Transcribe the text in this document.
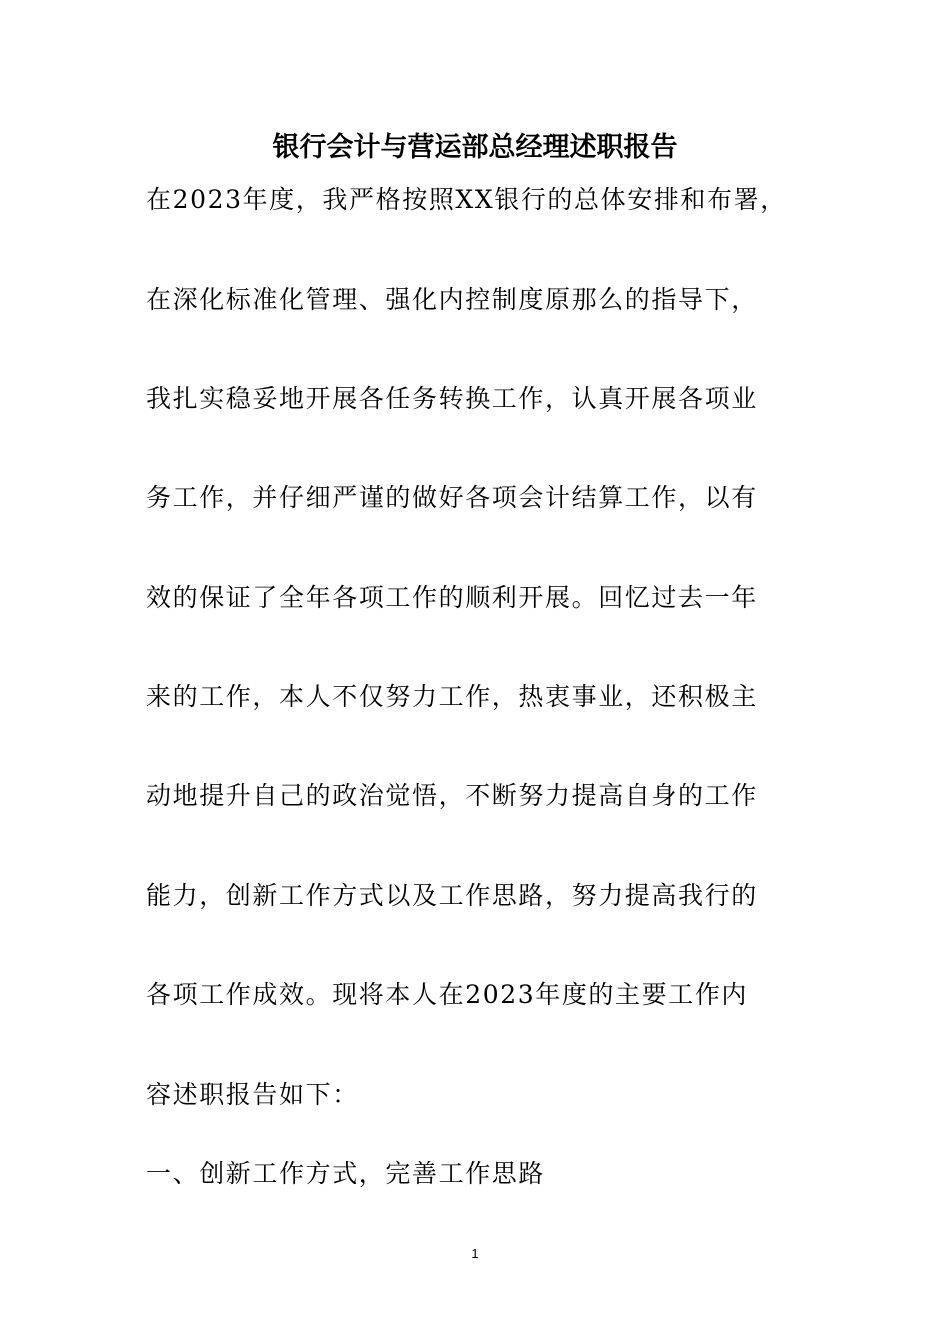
银行会计与营运部总经理述职报告
在2023年度，我严格按照XX银行的总体安排和布署，
在深化标准化管理、强化内控制度原那么的指导下，
我扎实稳妥地开展各任务转换工作，认真开展各项业
务工作，并仔细严谨的做好各项会计结算工作，以有
效的保证了全年各项工作的顺利开展。回忆过去一年
来的工作，本人不仅努力工作，热衷事业，还积极主
动地提升自己的政治觉悟，不断努力提高自身的工作
能力，创新工作方式以及工作思路，努力提高我行的
各项工作成效。现将本人在2023年度的主要工作内
容述职报告如下：
一、创新工作方式，完善工作思路
1
